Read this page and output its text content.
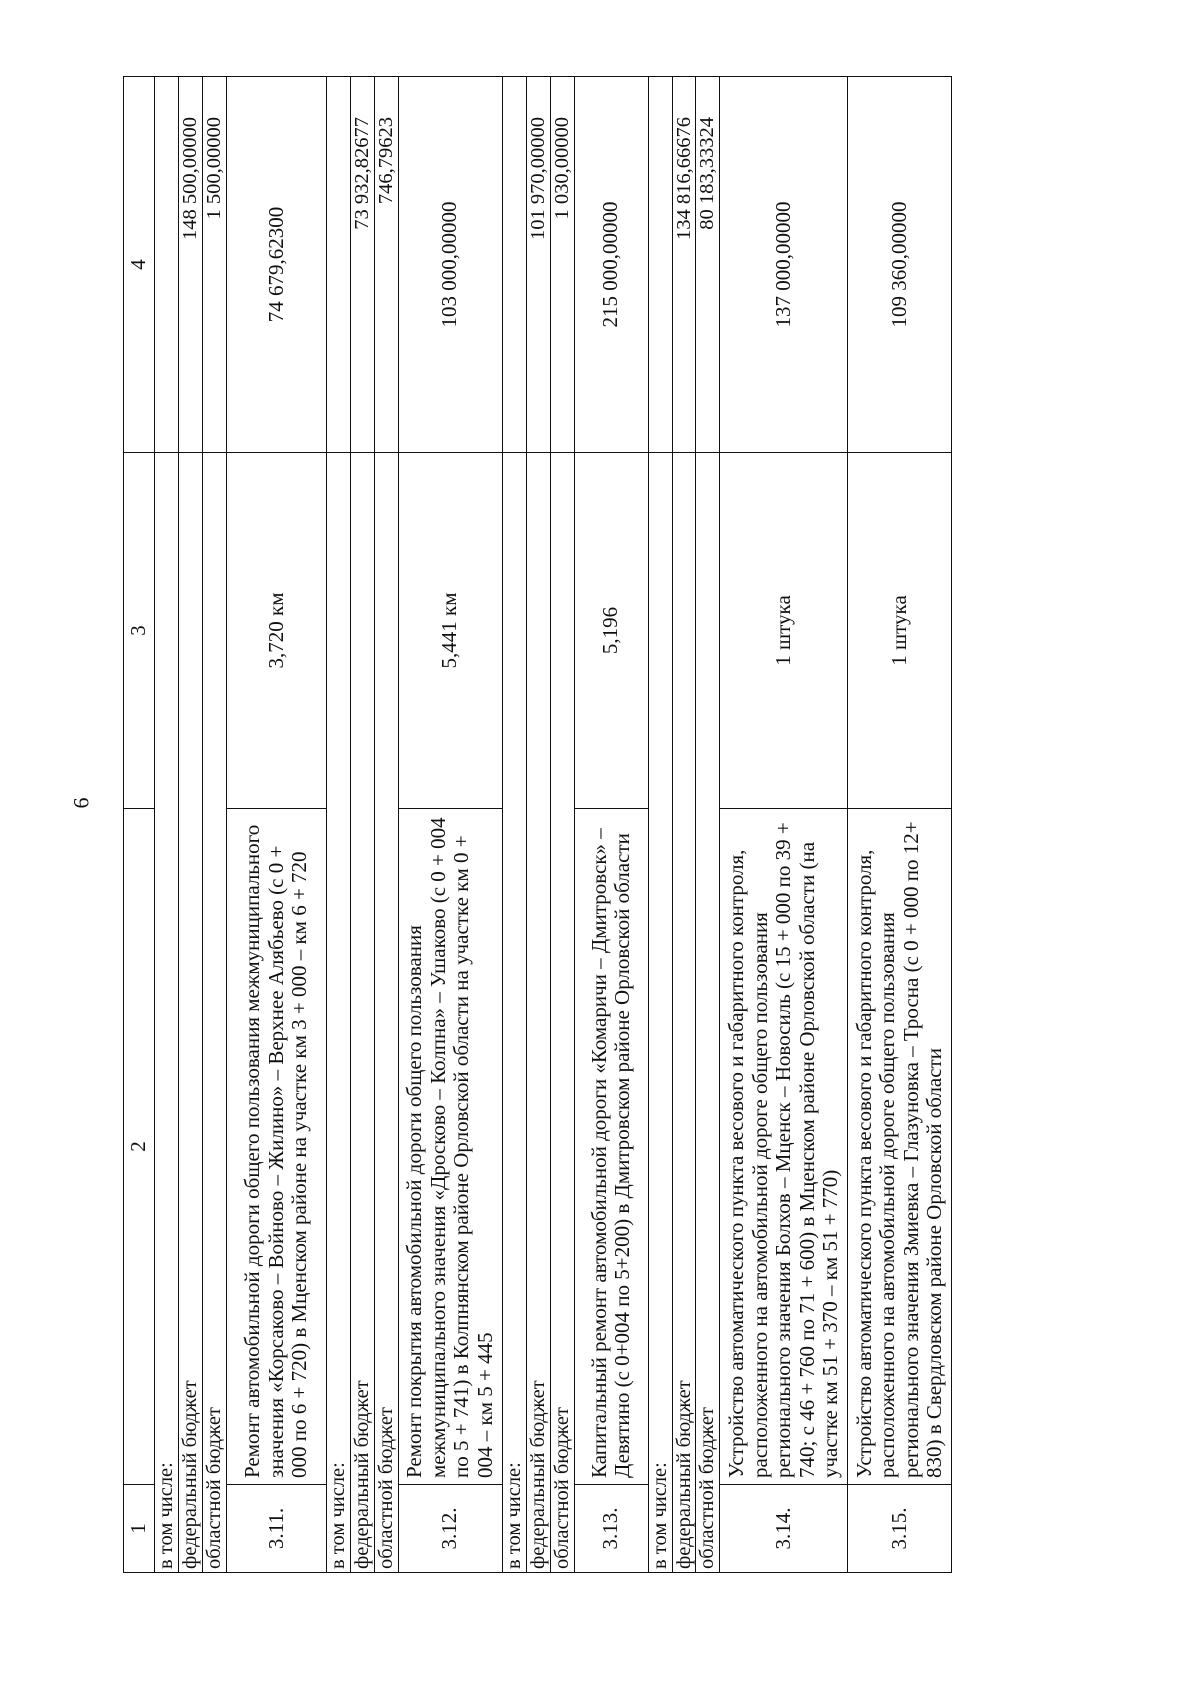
6
1	2	3	4
в том числе:			
федеральный бюджет			148 500,00000
областной бюджет			1 500,00000
3.11.	Ремонт автомобильной дороги общего пользования межмуниципального значения «Корсаково – Войново – Жилино» – Верхнее Алябьево (с 0 + 000 по 6 + 720) в Мценском районе на участке км 3 + 000 – км 6 + 720	3,720 км	74 679,62300
в том числе:			
федеральный бюджет			73 932,82677
областной бюджет			746,79623
3.12.	Ремонт покрытия автомобильной дороги общего пользования межмуниципального значения «Дросково – Колпна» – Ушаково (с 0 + 004 по 5 + 741) в Колпнянском районе Орловской области на участке км 0 + 004 – км 5 + 445	5,441 км	103 000,00000
в том числе:			
федеральный бюджет			101 970,00000
областной бюджет			1 030,00000
3.13.	Капитальный ремонт автомобильной дороги «Комаричи – Дмитровск» – Девятино (с 0+004 по 5+200) в Дмитровском районе Орловской области	5,196	215 000,00000
в том числе:			
федеральный бюджет			134 816,66676
областной бюджет			80 183,33324
3.14.	Устройство автоматического пункта весового и габаритного контроля, расположенного на автомобильной дороге общего пользования регионального значения Болхов – Мценск – Новосиль (с 15 + 000 по 39 + 740; с 46 + 760 по 71 + 600) в Мценском районе Орловской области (на участке км 51 + 370 – км 51 + 770)	1 штука	137 000,00000
3.15.	Устройство автоматического пункта весового и габаритного контроля, расположенного на автомобильной дороге общего пользования регионального значения Змиевка – Глазуновка – Тросна (с 0 + 000 по 12+ 830) в Свердловском районе Орловской области	1 штука	109 360,00000
